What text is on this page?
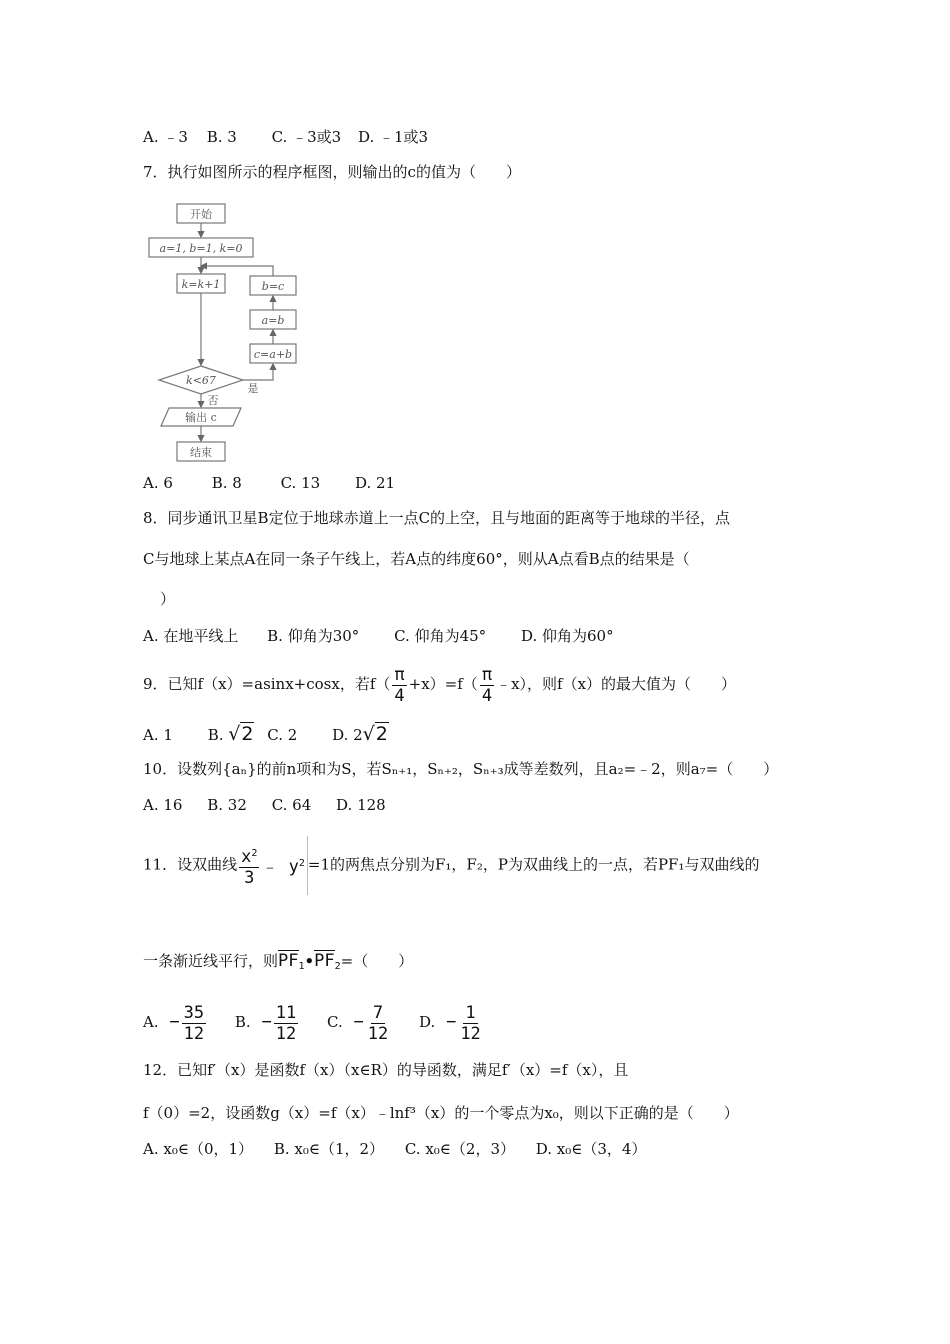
A. ﹣3 B. 3 C. ﹣3或3 D. ﹣1或3
7．执行如图所示的程序框图，则输出的c的值为（　　）
开始
a=1, b=1, k=0
k=k+1
k<67
b=c
a=b
c=a+b
输出 c
结束
是
否
A. 6	B. 8	C. 13 D. 21
8．同步通讯卫星B定位于地球赤道上一点C的上空，且与地面的距离等于地球的半径，点
C与地球上某点A在同一条子午线上，若A点的纬度60°，则从A点看B点的结果是（
）
A. 在地平线上 B. 仰角为30° C. 仰角为45° D. 仰角为60°
9．已知f（x）=asinx+cosx，若$f( \frac{\pi}{4} +x)=f( \frac{\pi}{4}$ ﹣x），则f（x）的最大值为（　　）
A. 1 B. √2 C. 2 D. 2√2
10．设数列{aₙ}的前n项和为S，若Sₙ₊₁，Sₙ₊₂，Sₙ₊₃成等差数列，且a₂=﹣2，则a₇=（　　）
A. 16 B. 32 C. 64 D. 128
11．设双曲线 $\frac{x^2}{3}$ ﹣ $y^2 =1$的两焦点分别为F₁，F₂，P为双曲线上的一点，若PF₁与双曲线的
一条渐近线平行，则$PF_1•PF_2=$（　　）
A. − $\frac{35}{12} B$. − $\frac{11}{12} C$. − $\frac{7}{12} D$. − $\frac{1}{12}$
12．已知f′（x）是函数f（x）（x∈R）的导函数，满足f′（x）=f（x），且
f（0）=2，设函数g（x）=f（x）﹣lnf³（x）的一个零点为x₀，则以下正确的是（　　）
A. x₀∈（0，1） B. x₀∈（1，2） C. x₀∈（2，3） D. x₀∈（3，4）
